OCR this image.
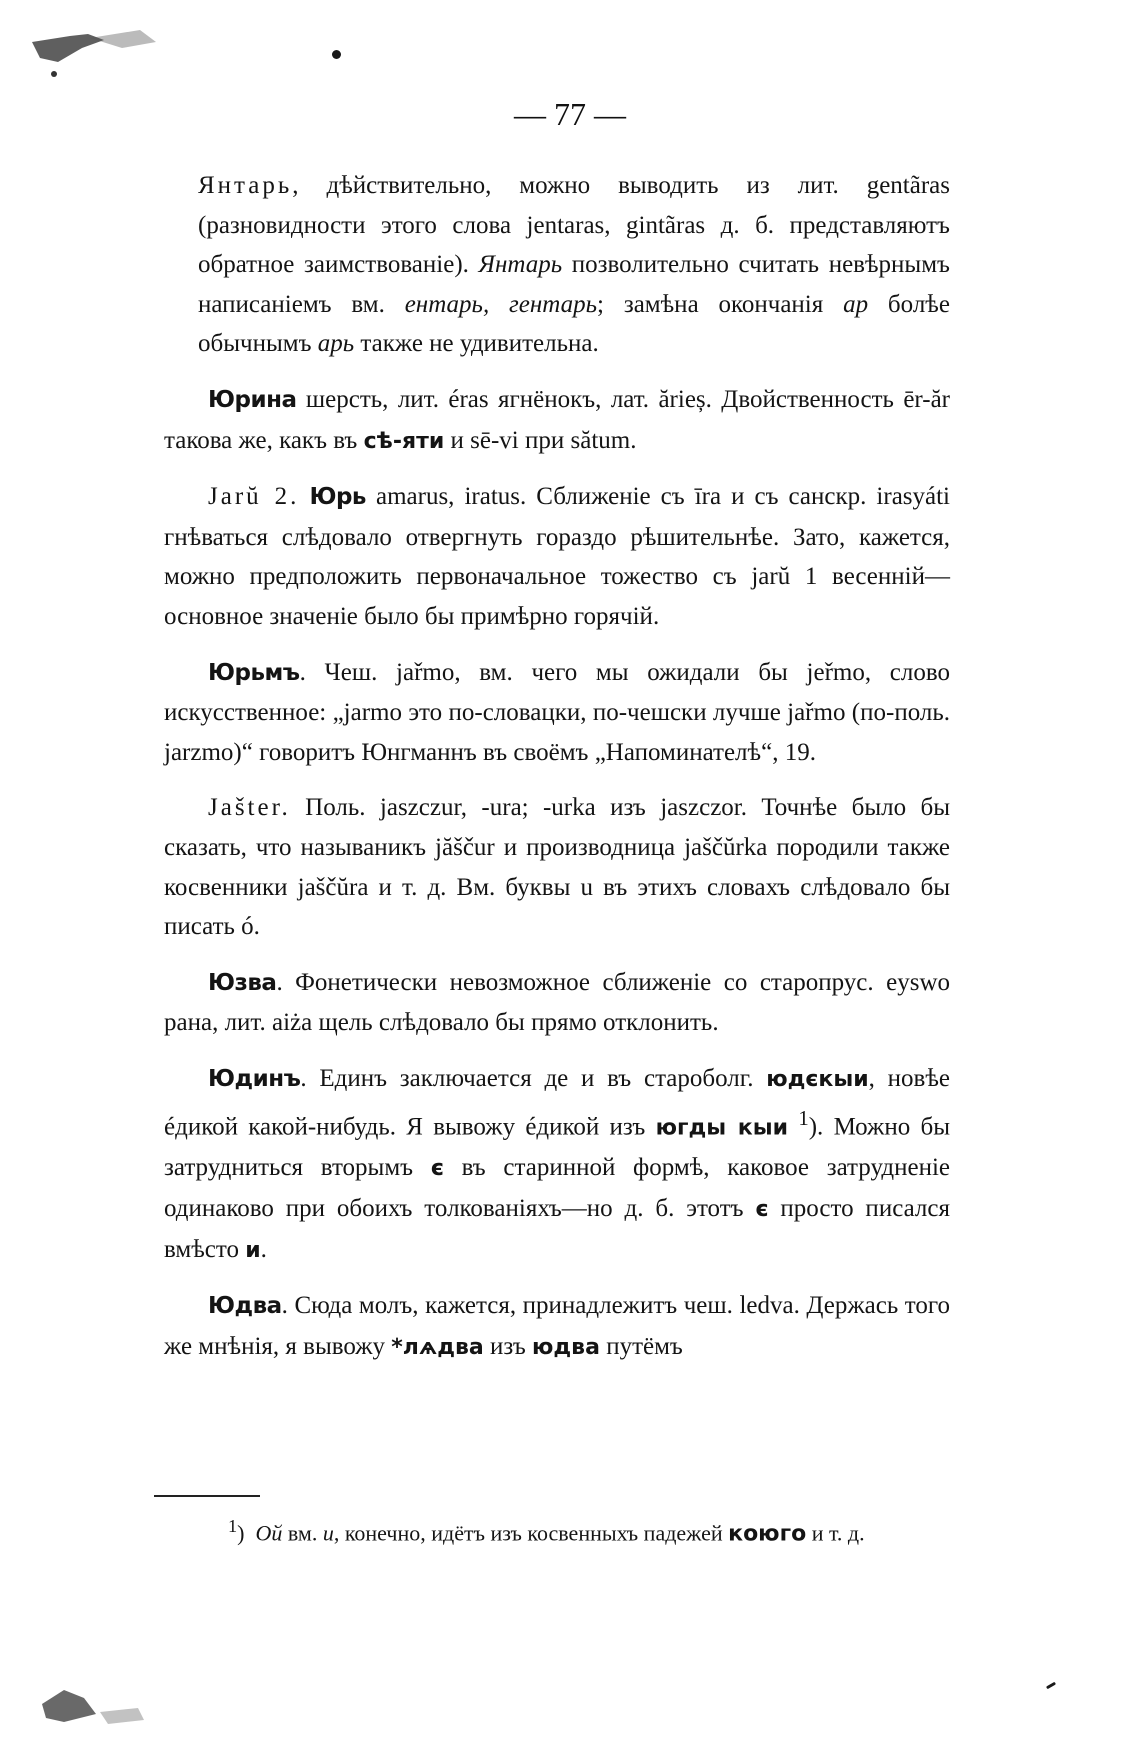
— 77 —

Янтарь, дѣйствительно, можно выводить из лит. gentãras (разновидности этого слова jentaras, gintãras д. б. представляютъ обратное заимствованіе). Янтарь позволительно считать невѣрнымъ написаніемъ вм. ентарь, гентарь; замѣна окончанія ар болѣе обычнымъ арь также не удивительна.

Юрина шерсть, лит. éras ягнёнокъ, лат. ărieș. Двойственность ēr-ăr такова же, какъ въ сѣ-яти и sē-vi при sătum.

Jarŭ 2. Юрь amarus, iratus. Сближеніе съ īra и съ санскр. irasyáti гнѣваться слѣдовало отвергнуть гораздо рѣшительнѣе. Зато, кажется, можно предположить первоначальное тожество съ jarŭ 1 весенній—основное значеніе было бы примѣрно горячій.

Юрьмъ. Чеш. jařmo, вм. чего мы ожидали бы jeřmo, слово искусственное: „jarmo это по-словацки, по-чешски лучше jařmo (по-поль. jarzmo)“ говоритъ Юнгманнъ въ своёмъ „Напоминателѣ“, 19.

Jašter. Поль. jaszczur, -ura; -urka изъ jaszczor. Точнѣе было бы сказать, что называникъ jăščur и производница jaščŭrka породили также косвенники jaščŭra и т. д. Вм. буквы u въ этихъ словахъ слѣдовало бы писать ó.

Юзва. Фонетически невозможное сближеніе со старопрус. eyswo рана, лит. aiża щель слѣдовало бы прямо отклонить.

Юдинъ. Единъ заключается де и въ староболг. юдєкыи, новѣе éдикой какой-нибудь. Я вывожу éдикой изъ югды кыи $^1$). Можно бы затрудниться вторымъ є въ старинной формѣ, каковое затрудненіе одинаково при обоихъ толкованіяхъ—но д. б. этотъ є просто писался вмѣсто и.

Юдва. Сюда молъ, кажется, принадлежитъ чеш. ledva. Держась того же мнѣнія, я вывожу *лѧдва изъ юдва путёмъ

$^1$)  Ой вм. и, конечно, идётъ изъ косвенныхъ падежей коюго и т. д.
